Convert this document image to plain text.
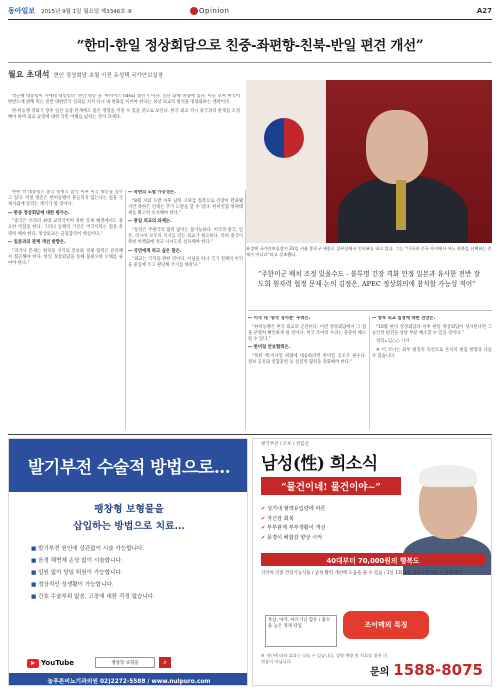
동아일보 2015년 9월 1일 월요일 제3346호 ⑥	Opinion	A27
“한미-한일 정상회담으로 친중-좌편향-친북-반일 편견 개선”
월요 초대석 현인 정상회담 초월 이전 유성택 국가안보실장

박근혜 대통령이 시에테 대통령의 ‘천안 방문’을 ‘아비어스’(idea) 했던가 이사. 일단 화해 방향에 있다. 이들 보며 한국이 한반도에 관해 먹는 전반 대한민국 신뢰를 지켜 다시 내 변화를 이어야 한다는 정상 외교의 원칙을 정당화하는 맥락이다.

한·미동맹 강화가 향후 일본 동중 관계에도 좋은 영향을 끼칠 수 있을 것으로 보인다. 한국 외교 역시 중국과의 관계를 조정해야 하며 외교 균형에 대한 국민 이해를 넓히는 것이 과제다.

유성택 국가안보실장이 31일 서울 종로구 세종로 집무실에서 인터뷰를 하고 있다. 그는 “미국과 중국 사이에서 어느 한쪽을 선택하는 문제가 아니다”라고 강조했다.
“주한미군 배치 조정 있을수도 - 불투명 긴장 격화 인정 일본과 유사한 전반 장도회 원자력 협정 문제 논의 김정은, APEC 정상회의에 참석할 가능성 적어”

한편 박 대통령은 중국 열병식 참석 이후 미국 방문을 앞두고 있다. 이번 방문은 한미동맹이 흔들리지 않는다는 점을 국제사회에 알리는 계기가 될 것이다.

― 한중 정상회담에 대한 평가는.

“중국은 우리의 최대 교역국이며 북한 문제 해결에서도 중요한 역할을 한다. 그러나 동맹의 기본은 미국이라는 점을 분명히 해야 한다. 정상외교는 균형감각이 핵심이다.”

― 일본과의 관계 개선 방향은.

“과거사 문제는 원칙을 지키되 안보와 경제 협력은 분리해서 접근해야 한다. 한일 정상회담을 통해 불필요한 오해를 줄여야 한다.”

― 북한의 도발 가능성은.

“8월 지뢰 도발 이후 남북 고위급 접촉으로 긴장이 완화됐지만 북한은 언제든 추가 도발을 할 수 있다. 한미연합 방위태세를 확고히 유지해야 한다.”

― 통일 외교의 과제는.

“통일은 주변국의 협력 없이는 불가능하다. 미국과 중국, 일본, 러시아 모두의 지지를 얻는 외교가 필요하다. 특히 중국이 북한 비핵화에 적극 나서도록 설득해야 한다.”

― 국민에게 하고 싶은 말은.

“외교는 국익을 위한 것이다. 이념을 떠나 국가 전체의 이익을 중심에 두고 판단해 주기를 바란다.”

― 미국 내 ‘중국 경사론’ 우려는.

“한미동맹은 한국 외교의 근간이다. 이번 정상회담에서 그 점을 분명히 확인하게 될 것이다. 미국 조야의 우려는 충분히 해소될 수 있다.”

― 한미일 안보협력은.

“북한 핵·미사일 위협에 대응하려면 한미일 공조가 필수다. 정보 공유와 연합훈련 등 실질적 협력을 강화해야 한다.”

― 향후 외교 일정에 대한 전망은.

“10월 한미 정상회담과 이후 한일 정상회담이 성사된다면 그동안의 편견을 상당 부분 해소할 수 있을 것이다.”

정리=김○○ 기자

※ 이 코너는 외부 필진의 의견으로 본지의 편집 방향과 다를 수 있습니다.

발기부전 수술적 방법으로...
팽창형 보형물을
삽입하는 방법으로 치료...
■ 발기부전 원인에 상관없이 시술 가능합니다.
■ 음경 해면체 손상 없이 시술합니다.
■ 입원 없이 당일 퇴원이 가능합니다.
■ 정상적인 성생활이 가능합니다.
■ 간호 수술부위 없음, 고장에 대한 걱정 없습니다.
YouTube	팽창형 보형물	⌕
늘푸른비뇨기과의원 02)2272-5588 / www.nulpuro.com
발기부전 / 조루 / 전립선
남성(性) 희소식
“물건이네! 물건이야~”
✔ 성기내 혈액유입량에 따른
✔ 자신감 회복
✔ 부부관계 부부생활이 개선
✔ 풍경이 배합감 향상 시켜
40대부터 70,000원의 행복도
식약처 인증 건강기능식품 / 남성 활력 개선에 도움을 줄 수 있음 / 1일 1회 2정 섭취 / 부작용 시 섭취 중단
홍삼, 마카, 아르기닌 함유 / 흡수율 높은 정제 타입	조이맥의 특징
※ 개인에 따라 효과는 다를 수 있습니다. 질병 예방 및 치료를 위한 의약품이 아닙니다.
문의 1588-8075
